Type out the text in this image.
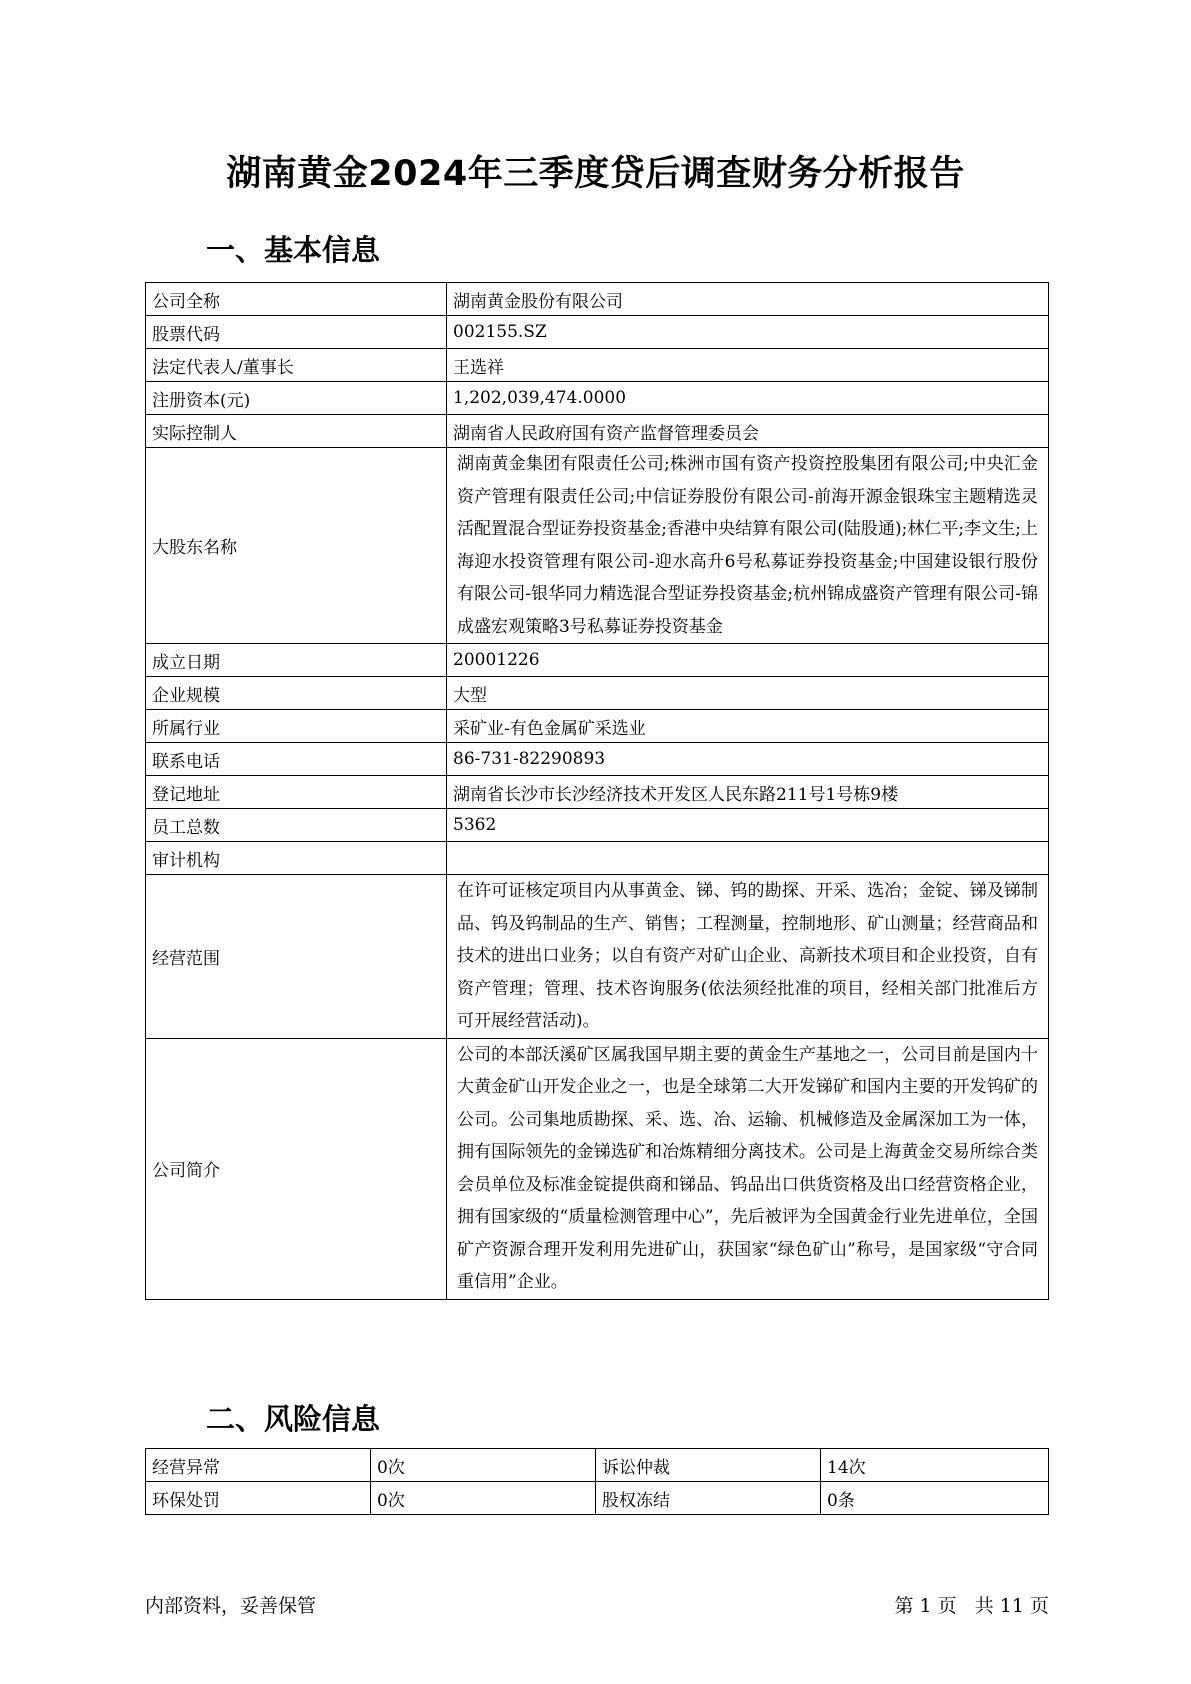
湖南黄金2024年三季度贷后调查财务分析报告
一、基本信息
公司全称	湖南黄金股份有限公司
股票代码	002155.SZ
法定代表人/董事长	王选祥
注册资本(元)	1,202,039,474.0000
实际控制人	湖南省人民政府国有资产监督管理委员会
大股东名称	湖南黄金集团有限责任公司;株洲市国有资产投资控股集团有限公司;中央汇金资产管理有限责任公司;中信证券股份有限公司-前海开源金银珠宝主题精选灵活配置混合型证券投资基金;香港中央结算有限公司(陆股通);林仁平;李文生;上海迎水投资管理有限公司-迎水高升6号私募证券投资基金;中国建设银行股份有限公司-银华同力精选混合型证券投资基金;杭州锦成盛资产管理有限公司-锦成盛宏观策略3号私募证券投资基金

成立日期	20001226
企业规模	大型
所属行业	采矿业-有色金属矿采选业
联系电话	86-731-82290893
登记地址	湖南省长沙市长沙经济技术开发区人民东路211号1号栋9楼
员工总数	5362
审计机构	
经营范围	在许可证核定项目内从事黄金、锑、钨的勘探、开采、选冶；金锭、锑及锑制品、钨及钨制品的生产、销售；工程测量，控制地形、矿山测量；经营商品和技术的进出口业务；以自有资产对矿山企业、高新技术项目和企业投资，自有资产管理；管理、技术咨询服务(依法须经批准的项目，经相关部门批准后方可开展经营活动)。

公司简介	公司的本部沃溪矿区属我国早期主要的黄金生产基地之一，公司目前是国内十大黄金矿山开发企业之一，也是全球第二大开发锑矿和国内主要的开发钨矿的公司。公司集地质勘探、采、选、冶、运输、机械修造及金属深加工为一体，拥有国际领先的金锑选矿和冶炼精细分离技术。公司是上海黄金交易所综合类会员单位及标准金锭提供商和锑品、钨品出口供货资格及出口经营资格企业，拥有国家级的“质量检测管理中心”，先后被评为全国黄金行业先进单位，全国矿产资源合理开发利用先进矿山，获国家“绿色矿山”称号，是国家级“守合同重信用”企业。
二、风险信息
经营异常	0次	诉讼仲裁	14次
环保处罚	0次	股权冻结	0条
内部资料，妥善保管	第 1 页   共 11 页
